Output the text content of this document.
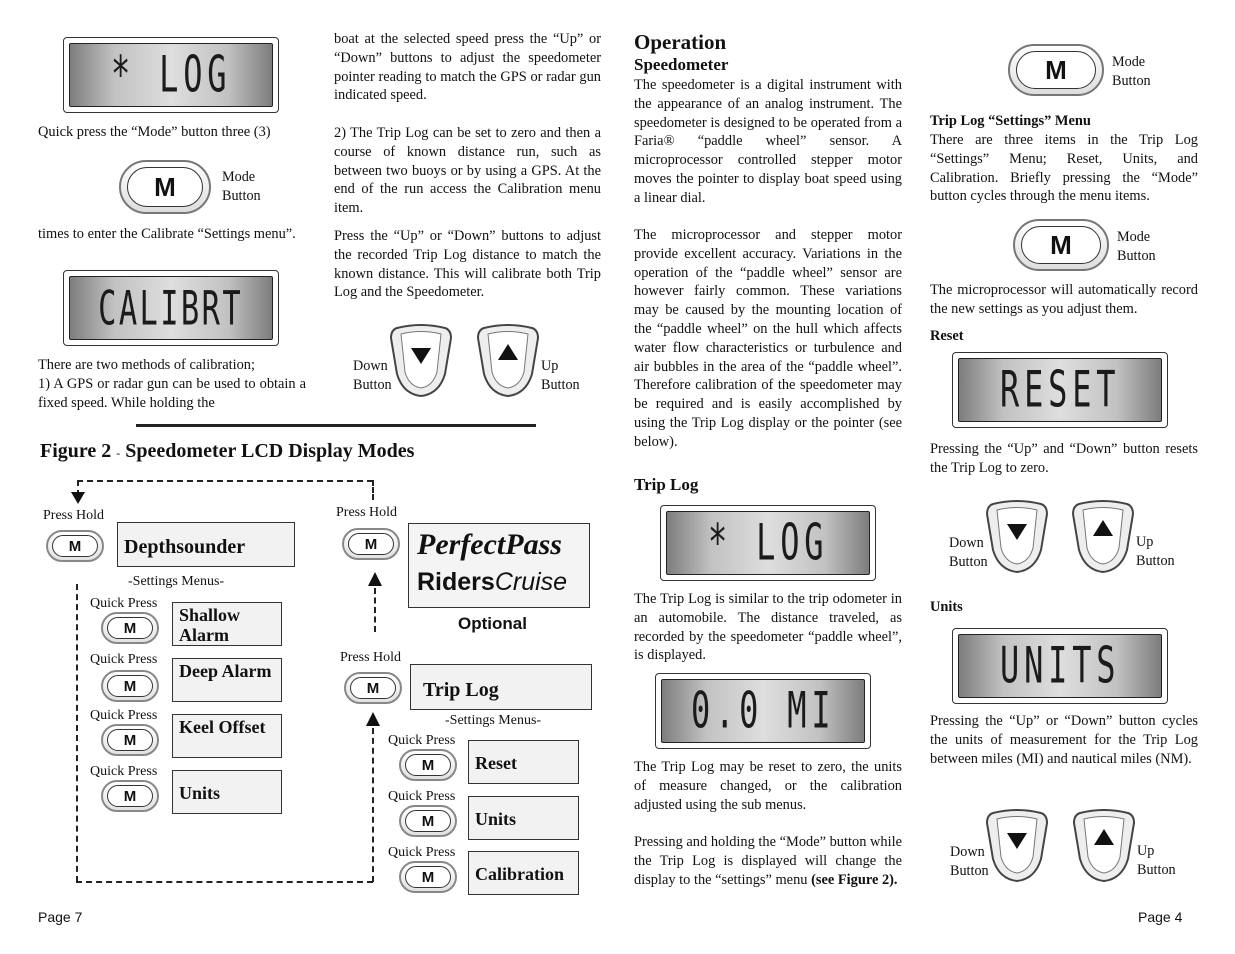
* LOG
Quick press the “Mode” button three (3)
M	Mode
Button
times to enter the Calibrate “Settings menu”.
CALIBRT
There are two methods of calibration;
1) A GPS or radar gun can be used to obtain a fixed speed. While holding the
boat at the selected speed press the “Up” or “Down” buttons to adjust the speedometer pointer reading to match the GPS or radar gun indicated speed.
2) The Trip Log can be set to zero and then a course of known distance run, such as between two buoys or by using a GPS. At the end of the run access the Calibration menu item.
Press the “Up” or “Down” buttons to adjust the recorded Trip Log distance to match the known distance. This will calibrate both Trip Log and the Speedometer.
Down
Button
Up
Button
Figure 2 - Speedometer LCD Display Modes
Press Hold
M	Depthsounder
-Settings Menus-
Quick Press
M
Shallow Alarm
Quick Press
M
Deep Alarm
Quick Press
M
Keel Offset
Quick Press
M	Units
Press Hold
M	PerfectPass
RidersCruise
Optional
Press Hold
M	Trip Log
-Settings Menus-
Quick Press
M	Reset
Quick Press
M	Units
Quick Press
M	Calibration
Page 7
Operation
Speedometer
The speedometer is a digital instrument with the appearance of an analog instrument. The speedometer is designed to be operated from a Faria® “paddle wheel” sensor. A microprocessor controlled stepper motor moves the pointer to display boat speed using a linear dial.
The microprocessor and stepper motor provide excellent accuracy. Variations in the operation of the “paddle wheel” sensor are however fairly common. These variations may be caused by the mounting location of the “paddle wheel” on the hull which affects water flow characteristics or turbulence and air bubbles in the area of the “paddle wheel”. Therefore calibration of the speedometer may be required and is easily accomplished by using the Trip Log display or the pointer (see below).
Trip Log
* LOG
The Trip Log is similar to the trip odometer in an automobile. The distance traveled, as recorded by the speedometer “paddle wheel”, is displayed.
0.0 MI
The Trip Log may be reset to zero, the units of measure changed, or the calibration adjusted using the sub menus.
Pressing and holding the “Mode” button while the Trip Log is displayed will change the display to the “settings” menu (see Figure 2).
M	Mode
Button
Trip Log “Settings” Menu
There are three items in the Trip Log “Settings” Menu; Reset, Units, and Calibration. Briefly pressing the “Mode” button cycles through the menu items.
M	Mode
Button
The microprocessor will automatically record the new settings as you adjust them.
Reset
RESET
Pressing the “Up” and “Down” button resets the Trip Log to zero.
Down
Button
Up
Button
Units
UNITS
Pressing the “Up” or “Down” button cycles the units of measurement for the Trip Log between miles (MI) and nautical miles (NM).
Down
Button
Up
Button
Page 4
